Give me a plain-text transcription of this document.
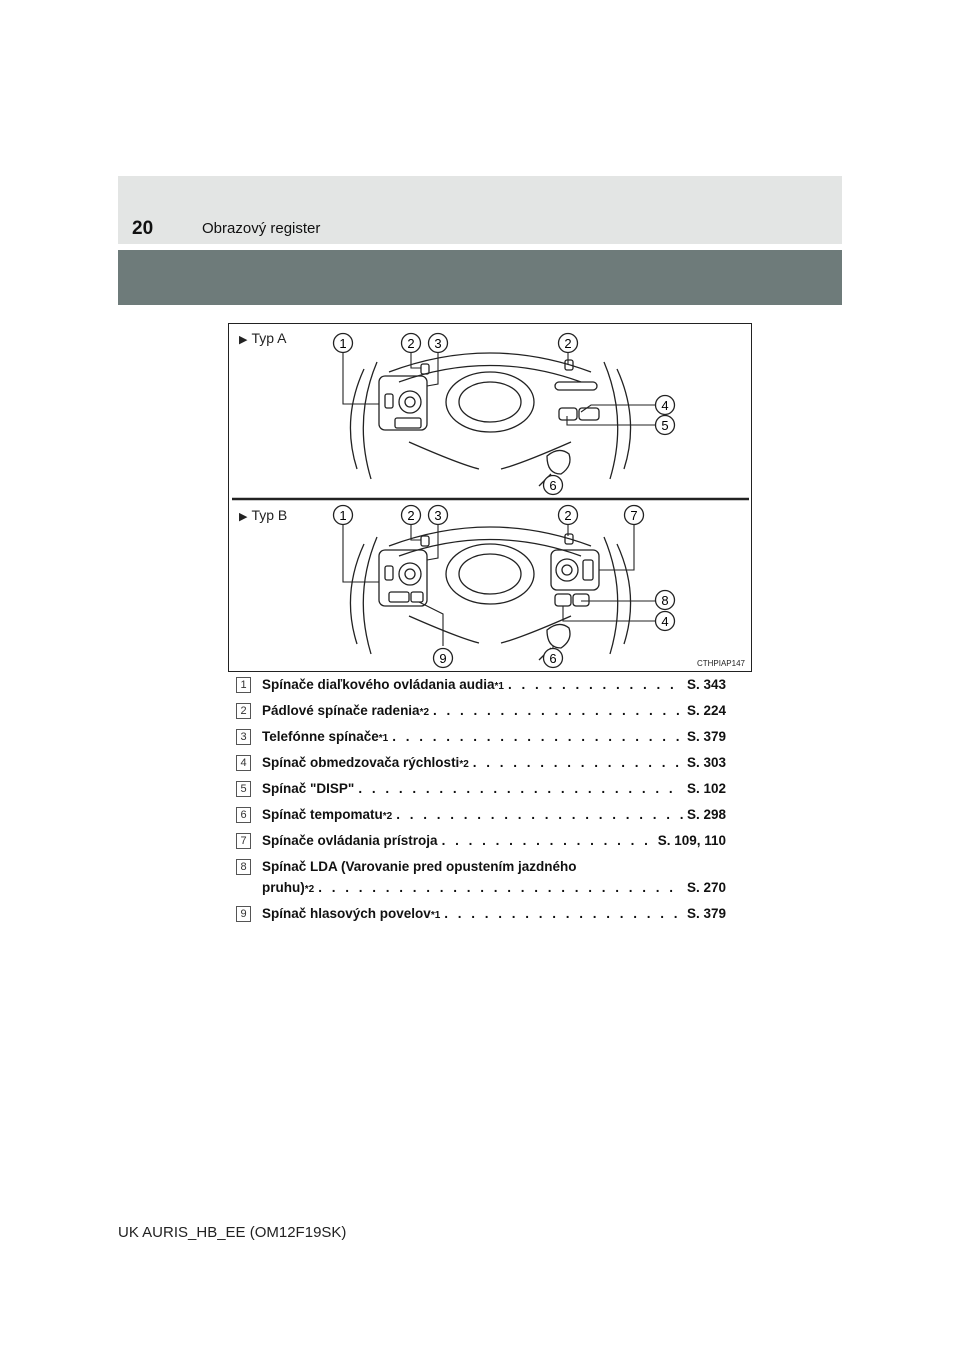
20	Obrazový register
1	2 3	2
4
5
6
1	2 3	2	7
8
4
9	6
▶ Typ A
▶ Typ B
CTHPIAP147
1	Spínače diaľkového ovládania audia *1 . . .	S. 343
2	Pádlové spínače radenia *2 . . .	S. 224
3	Telefónne spínače *1 . . .	S. 379
4	Spínač obmedzovača rýchlosti *2 . . .	S. 303
5	Spínač "DISP" . . .	S. 102
6	Spínač tempomatu *2 . . .	S. 298
7	Spínače ovládania prístroja . . .	S. 109, 110
8	Spínač LDA (Varovanie pred opustením jazdného
pruhu) *2 . . .	S. 270
9	Spínač hlasových povelov *1 . . .	S. 379
UK AURIS_HB_EE (OM12F19SK)
